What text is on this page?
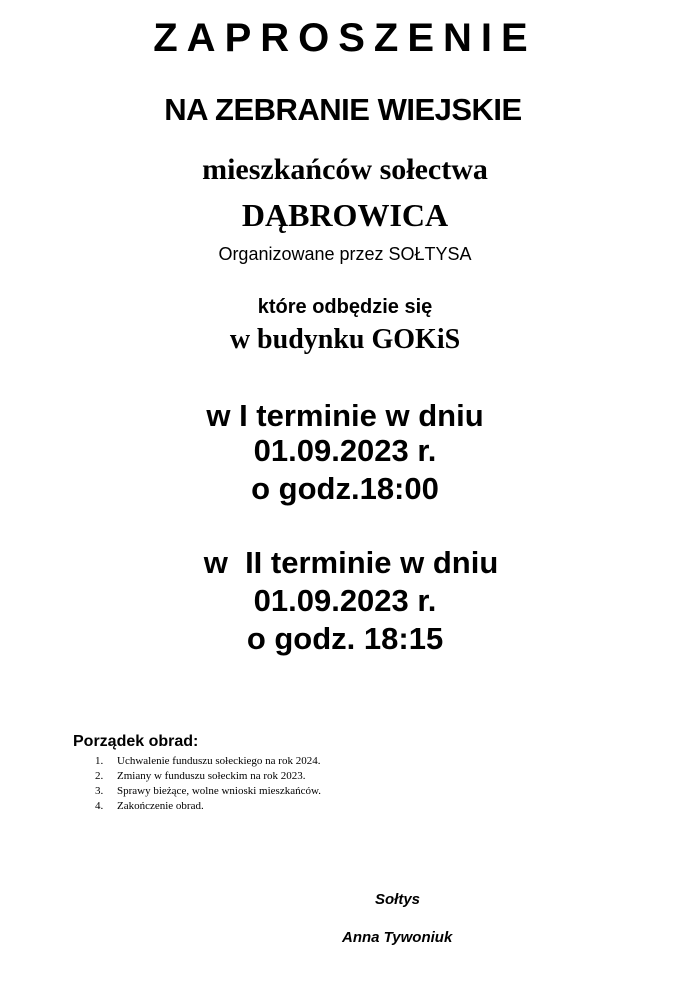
ZAPROSZENIE
NA ZEBRANIE WIEJSKIE
mieszkańców sołectwa
DĄBROWICA
Organizowane przez SOŁTYSA
które odbędzie się
w budynku GOKiS
w I terminie w dniu
01.09.2023 r.
o godz.18:00
w  II terminie w dniu
01.09.2023 r.
o godz. 18:15
Porządek obrad:
1. Uchwalenie funduszu sołeckiego na rok 2024.
2. Zmiany w funduszu sołeckim na rok 2023.
3. Sprawy bieżące, wolne wnioski mieszkańców.
4. Zakończenie obrad.
Sołtys
Anna Tywoniuk
